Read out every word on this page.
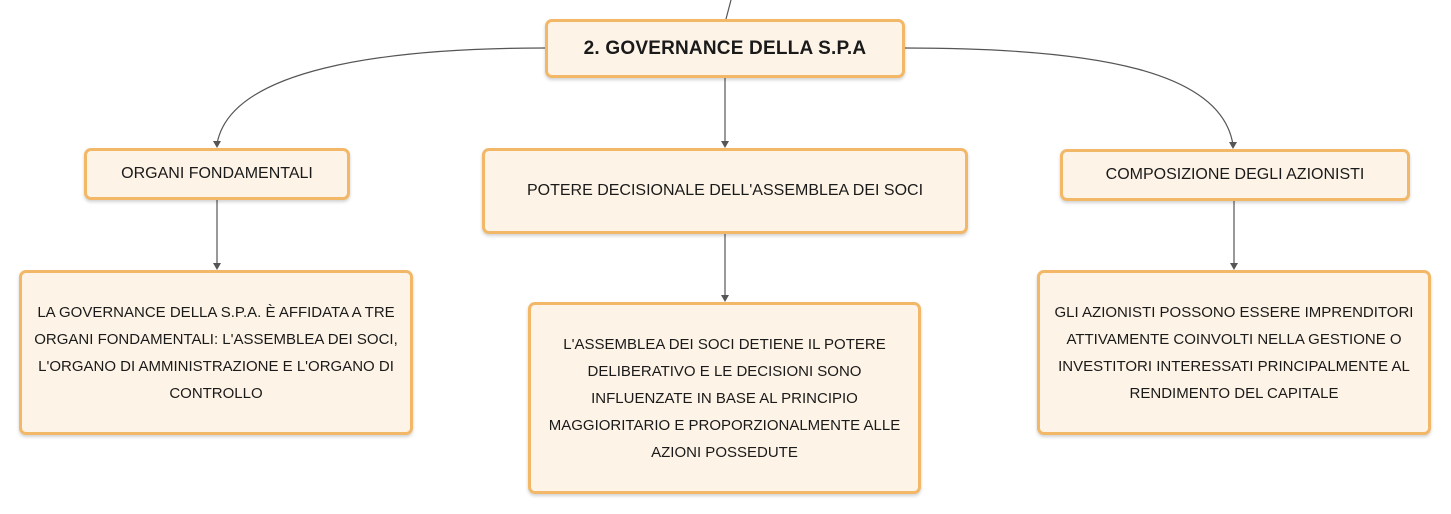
2. GOVERNANCE DELLA S.P.A
ORGANI FONDAMENTALI
POTERE DECISIONALE DELL'ASSEMBLEA DEI SOCI
COMPOSIZIONE DEGLI AZIONISTI
LA GOVERNANCE DELLA S.P.A. È AFFIDATA A TRE ORGANI FONDAMENTALI: L'ASSEMBLEA DEI SOCI, L'ORGANO DI AMMINISTRAZIONE E L'ORGANO DI CONTROLLO
L'ASSEMBLEA DEI SOCI DETIENE IL POTERE DELIBERATIVO E LE DECISIONI SONO INFLUENZATE IN BASE AL PRINCIPIO MAGGIORITARIO E PROPORZIONALMENTE ALLE AZIONI POSSEDUTE
GLI AZIONISTI POSSONO ESSERE IMPRENDITORI ATTIVAMENTE COINVOLTI NELLA GESTIONE O INVESTITORI INTERESSATI PRINCIPALMENTE AL RENDIMENTO DEL CAPITALE
